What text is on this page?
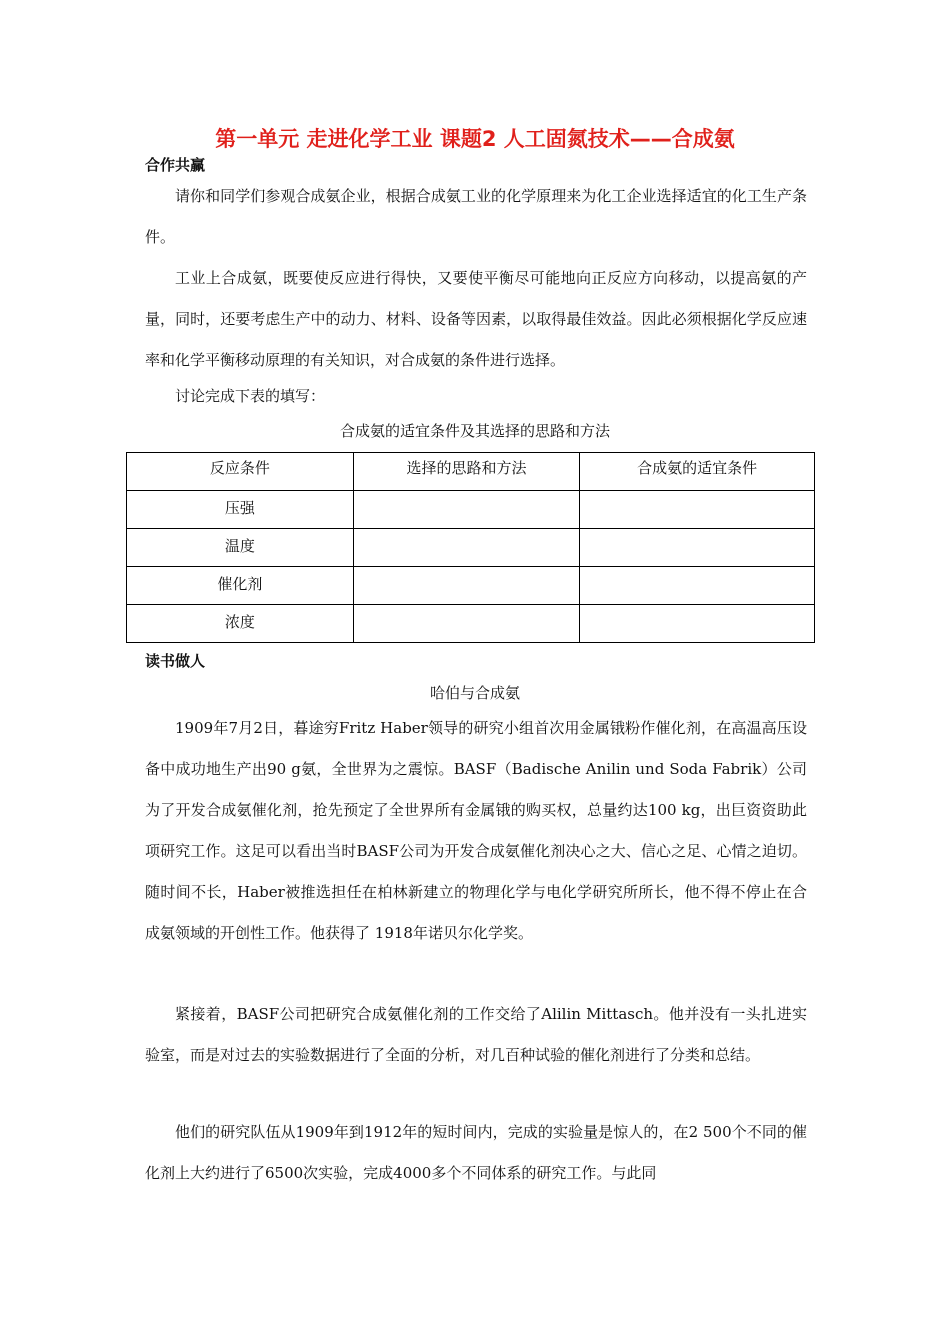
第一单元 走进化学工业 课题2 人工固氮技术——合成氨
合作共赢

请你和同学们参观合成氨企业，根据合成氨工业的化学原理来为化工企业选择适宜的化工生产条件。

工业上合成氨，既要使反应进行得快，又要使平衡尽可能地向正反应方向移动，以提高氨的产量，同时，还要考虑生产中的动力、材料、设备等因素，以取得最佳效益。因此必须根据化学反应速率和化学平衡移动原理的有关知识，对合成氨的条件进行选择。

讨论完成下表的填写：

合成氨的适宜条件及其选择的思路和方法
反应条件	选择的思路和方法	合成氨的适宜条件
压强		
温度		
催化剂		
浓度		
读书做人
哈伯与合成氨

1909年7月2日，暮途穷Fritz Haber领导的研究小组首次用金属锇粉作催化剂，在高温高压设备中成功地生产出90 g氨，全世界为之震惊。BASF（Badische Anilin und Soda Fabrik）公司为了开发合成氨催化剂，抢先预定了全世界所有金属锇的购买权，总量约达100 kg，出巨资资助此项研究工作。这足可以看出当时BASF公司为开发合成氨催化剂决心之大、信心之足、心情之迫切。随时间不长，Haber被推选担任在柏林新建立的物理化学与电化学研究所所长，他不得不停止在合成氨领域的开创性工作。他获得了 1918年诺贝尔化学奖。

紧接着，BASF公司把研究合成氨催化剂的工作交给了Alilin Mittasch。他并没有一头扎进实验室，而是对过去的实验数据进行了全面的分析，对几百种试验的催化剂进行了分类和总结。

他们的研究队伍从1909年到1912年的短时间内，完成的实验量是惊人的，在2 500个不同的催化剂上大约进行了6500次实验，完成4000多个不同体系的研究工作。与此同
